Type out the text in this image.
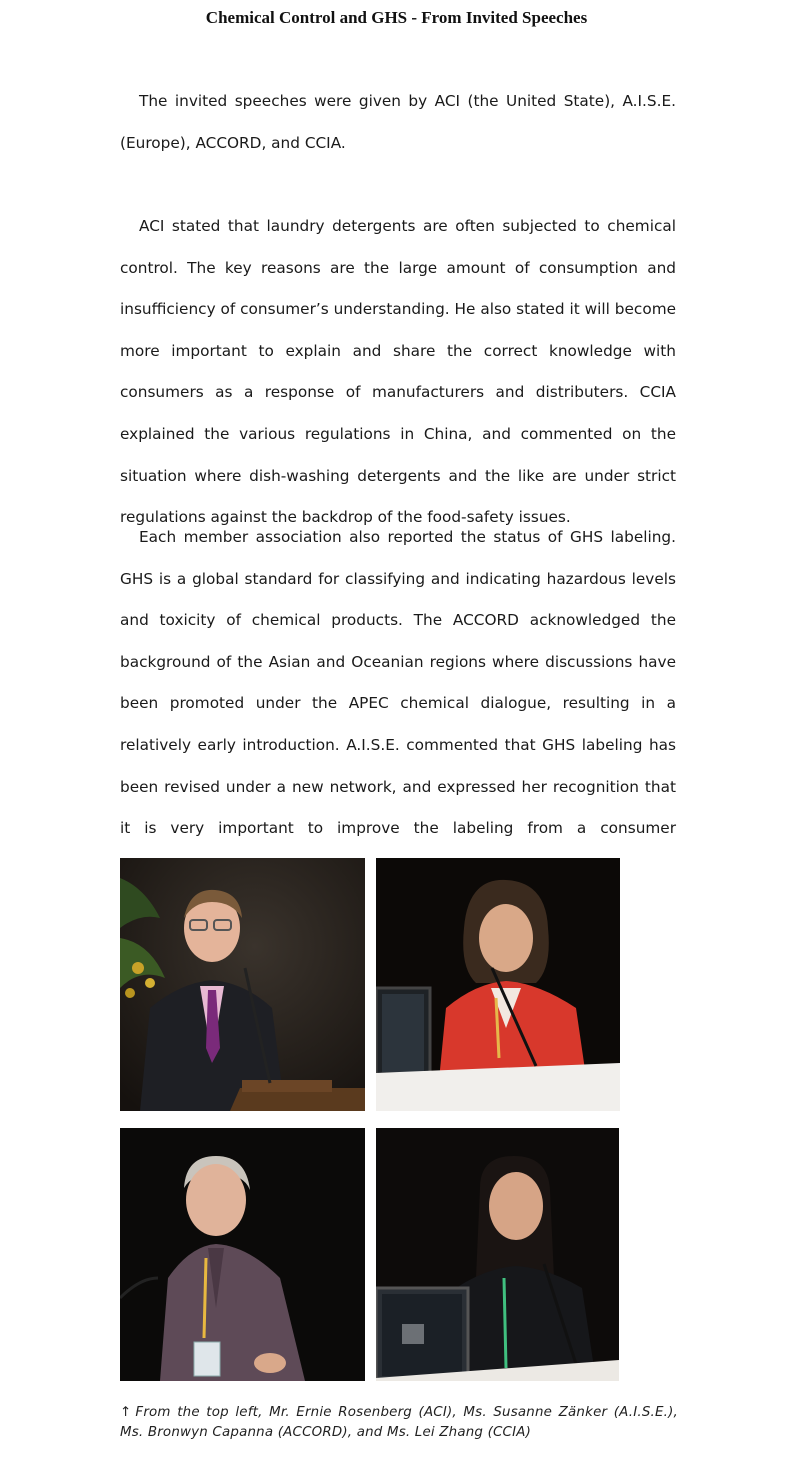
Chemical Control and GHS - From Invited Speeches

The invited speeches were given by ACI (the United State), A.I.S.E. (Europe), ACCORD, and CCIA.

ACI stated that laundry detergents are often subjected to chemical control. The key reasons are the large amount of consumption and insufficiency of consumer’s understanding. He also stated it will become more important to explain and share the correct knowledge with consumers as a response of manufacturers and distributers. CCIA explained the various regulations in China, and commented on the situation where dish-washing detergents and the like are under strict regulations against the backdrop of the food-safety issues.

Each member association also reported the status of GHS labeling. GHS is a global standard for classifying and indicating hazardous levels and toxicity of chemical products. The ACCORD acknowledged the background of the Asian and Oceanian regions where discussions have been promoted under the APEC chemical dialogue, resulting in a relatively early introduction. A.I.S.E. commented that GHS labeling has been revised under a new network, and expressed her recognition that it is very important to improve the labeling from a consumer

↑ From the top left, Mr. Ernie Rosenberg (ACI), Ms. Susanne Zänker (A.I.S.E.), Ms. Bronwyn Capanna (ACCORD), and Ms. Lei Zhang (CCIA)
